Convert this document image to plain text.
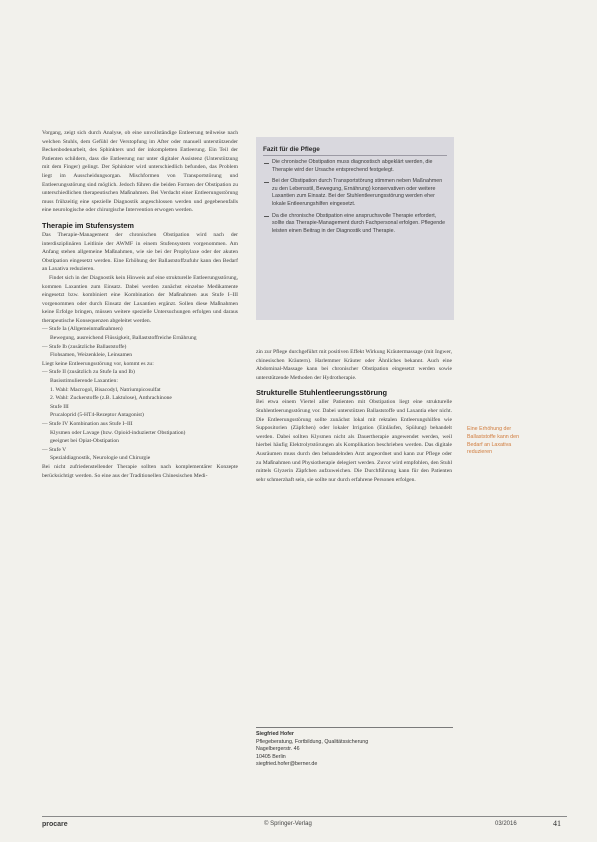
Vorgang, zeigt sich durch Analyse, ob eine unvollständige Entleerung teilweise nach welchen Stuhls, dem Gefühl der Verstopfung im After oder manuell unterstützender Beckenbodenarbeit, des Sphinkters und der inkompletten Entleerung. Ein Teil der Patienten schildern, dass die Entleerung nur unter digitaler Assistenz (Unterstützung mit dem Finger) gelingt. Der Sphinkter wird unterschiedlich befunden, das Problem liegt im Ausscheidungsorgan. Mischformen von Transportstörung und Entleerungsstörung sind möglich. Jedoch führen die beiden Formen der Obstipation zu unterschiedlichen therapeutischen Maßnahmen. Bei Verdacht einer Entleerungsstörung muss frühzeitig eine spezielle Diagnostik angeschlossen werden und gegebenenfalls eine neurologische oder chirurgische Intervention erwogen werden.

Therapie im Stufensystem

Das Therapie-Management der chronischen Obstipation wird nach der interdisziplinären Leitlinie der AWMF in einem Stufensystem vorgenommen. Am Anfang stehen allgemeine Maßnahmen, wie sie bei der Prophylaxe oder der akuten Obstipation eingesetzt werden. Eine Erhöhung der Ballaststoffzufuhr kann den Bedarf an Laxativa reduzieren.

Findet sich in der Diagnostik kein Hinweis auf eine strukturelle Entleerungsstörung, kommen Laxantien zum Einsatz. Dabei werden zunächst einzelne Medikamente eingesetzt bzw. kombiniert eine Kombination der Maßnahmen aus Stufe I–III vorgenommen oder durch Einsatz der Laxantien ergänzt. Sollen diese Maßnahmen keine Erfolge bringen, müssen weitere spezielle Untersuchungen erfolgen und daraus therapeutische Konsequenzen abgeleitet werden.

— Stufe Ia (Allgemeinmaßnahmen)
Bewegung, ausreichend Flüssigkeit, Ballaststoffreiche Ernährung
— Stufe Ib (zusätzliche Ballaststoffe)
Flohsamen, Weizenkleie, Leinsamen
Liegt keine Entleerungsstörung vor, kommt es zu:
— Stufe II (zusätzlich zu Stufe Ia und Ib)
Basisstimulierende Laxantien:
1. Wahl: Macrogol, Bisacodyl, Natriumpicosulfat
2. Wahl: Zuckerstoffe (z.B. Laktulose), Anthrachinone
Stufe III
Prucaloprid (5-HT4-Rezeptor Antagonist)
— Stufe IV Kombination aus Stufe I–III
Klysmen oder Lavage (bzw. Opioid-induzierter Obstipation)
geeignet bei Opiat-Obstipation
— Stufe V
Spezialdiagnostik, Neurologie und Chirurgie

Bei nicht zufriedenstellender Therapie sollten nach komplementärer Konzepte berücksichtigt werden. So eine aus der Traditionellen Chinesischen Medi-

Fazit für die Pflege
Die chronische Obstipation muss diagnostisch abgeklärt werden, die Therapie wird der Ursache entsprechend festgelegt.
Bei der Obstipation durch Transportstörung stimmen neben Maßnahmen zu den Lebensstil, Bewegung, Ernährung) konservativen oder weitere Laxantien zum Einsatz. Bei der Stuhlentleerungsstörung werden eher lokale Entleerungshilfen eingesetzt.
Da die chronische Obstipation eine anspruchsvolle Therapie erfordert, sollte das Therapie-Management durch Fachpersonal erfolgen. Pflegende leisten einen Beitrag in der Diagnostik und Therapie.

zin zur Pflege durchgeführt mit positiven Effekt Wirkung Kräutermassage (mit Ingwer, chinesischen Kräutern). Harlemmer Kräuter oder Ähnliches bekannt. Auch eine Abdominal-Massage kann bei chronischer Obstipation eingesetzt werden sowie unterstützende Methoden der Hydrotherapie.

Strukturelle Stuhlentleerungsstörung

Bei etwa einem Viertel aller Patienten mit Obstipation liegt eine strukturelle Stuhlentleerungsstörung vor. Dabei unterstützen Ballaststoffe und Laxantia eher nicht. Die Entleerungsstörung sollte zunächst lokal mit rektalen Entleerungshilfen wie Suppositorien (Zäpfchen) oder lokaler Irrigation (Einläufen, Spülung) behandelt werden. Dabei sollten Klysmen nicht als Dauertherapie angewendet werden, weil hierbei häufig Elektrolytstörungen als Komplikation beschrieben werden. Das digitale Ausräumen muss durch den behandelnden Arzt angeordnet und kann zur Pflege oder zu Maßnahmen und Physiotherapie delegiert werden. Zuvor wird empfohlen, den Stuhl mittels Glyzerin Zäpfchen aufzuweichen. Die Durchführung kann für den Patienten sehr schmerzhaft sein, sie sollte nur durch erfahrene Personen erfolgen.

Eine Erhöhung der Ballaststoffe kann den Bedarf an Laxativa reduzieren
Siegfried Hofer
Pflegeberatung, Fortbildung, Qualitätssicherung
Nagelbergerstr. 46
10405 Berlin
siegfried.hofer@berner.de
procare	© Springer-Verlag	03/2016	41
